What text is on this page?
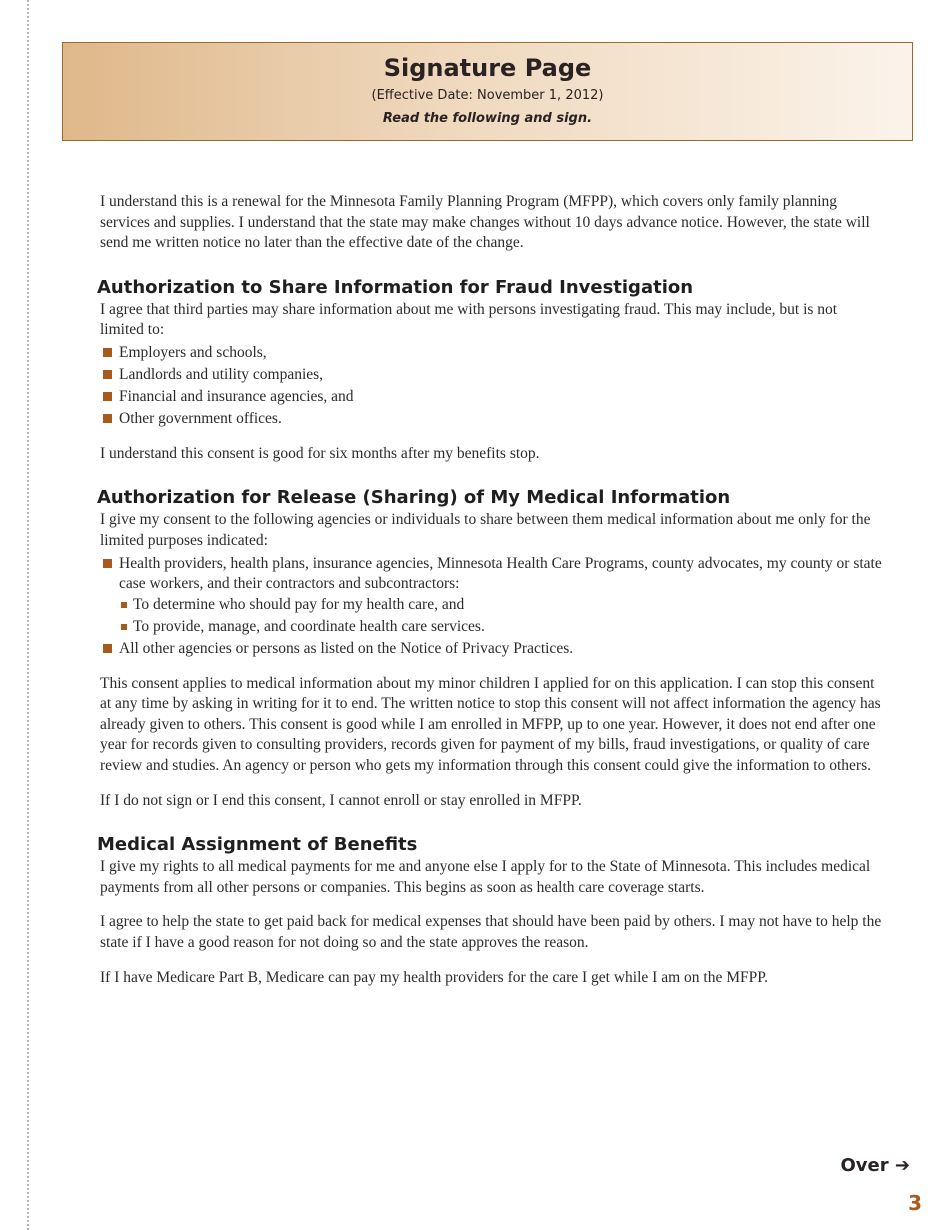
Signature Page
(Effective Date: November 1, 2012)
Read the following and sign.

I understand this is a renewal for the Minnesota Family Planning Program (MFPP), which covers only family planning services and supplies. I understand that the state may make changes without 10 days advance notice. However, the state will send me written notice no later than the effective date of the change.

Authorization to Share Information for Fraud Investigation

I agree that third parties may share information about me with persons investigating fraud. This may include, but is not limited to:

Employers and schools,
Landlords and utility companies,
Financial and insurance agencies, and
Other government offices.

I understand this consent is good for six months after my benefits stop.

Authorization for Release (Sharing) of My Medical Information

I give my consent to the following agencies or individuals to share between them medical information about me only for the limited purposes indicated:

Health providers, health plans, insurance agencies, Minnesota Health Care Programs, county advocates, my county or state case workers, and their contractors and subcontractors:
To determine who should pay for my health care, and
To provide, manage, and coordinate health care services.
All other agencies or persons as listed on the Notice of Privacy Practices.

This consent applies to medical information about my minor children I applied for on this application. I can stop this consent at any time by asking in writing for it to end. The written notice to stop this consent will not affect information the agency has already given to others. This consent is good while I am enrolled in MFPP, up to one year. However, it does not end after one year for records given to consulting providers, records given for payment of my bills, fraud investigations, or quality of care review and studies. An agency or person who gets my information through this consent could give the information to others.

If I do not sign or I end this consent, I cannot enroll or stay enrolled in MFPP.

Medical Assignment of Benefits

I give my rights to all medical payments for me and anyone else I apply for to the State of Minnesota. This includes medical payments from all other persons or companies. This begins as soon as health care coverage starts.

I agree to help the state to get paid back for medical expenses that should have been paid by others. I may not have to help the state if I have a good reason for not doing so and the state approves the reason.

If I have Medicare Part B, Medicare can pay my health providers for the care I get while I am on the MFPP.

Over ➔
3
